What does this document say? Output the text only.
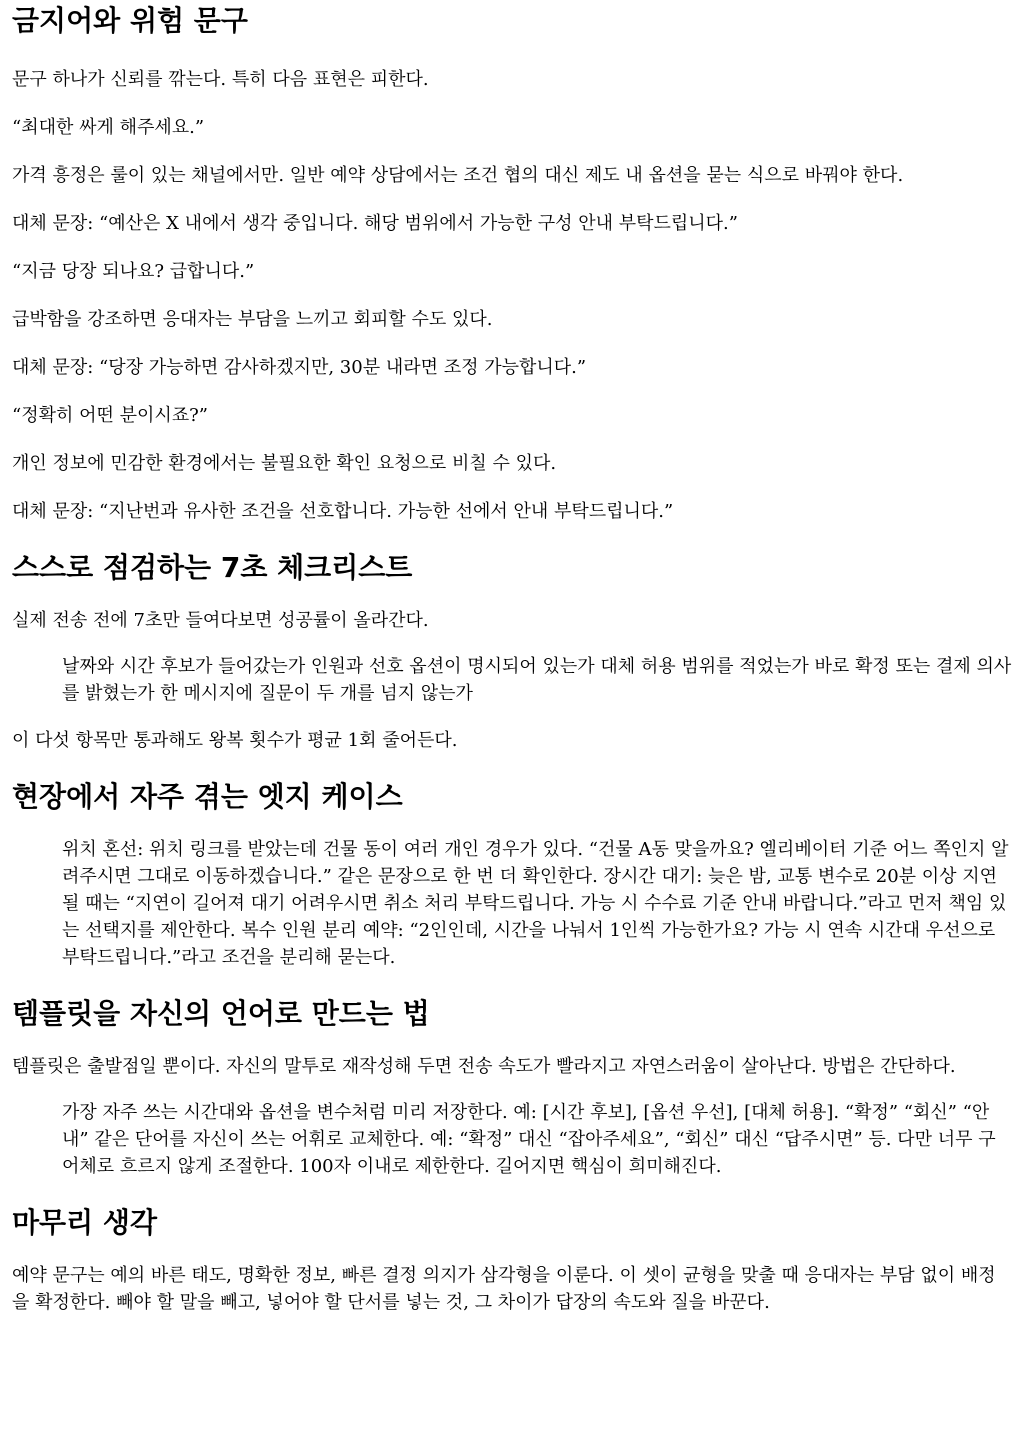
금지어와 위험 문구

문구 하나가 신뢰를 깎는다. 특히 다음 표현은 피한다.

“최대한 싸게 해주세요.”

가격 흥정은 룰이 있는 채널에서만. 일반 예약 상담에서는 조건 협의 대신 제도 내 옵션을 묻는 식으로 바꿔야 한다.

대체 문장: “예산은 X 내에서 생각 중입니다. 해당 범위에서 가능한 구성 안내 부탁드립니다.”

“지금 당장 되나요? 급합니다.”

급박함을 강조하면 응대자는 부담을 느끼고 회피할 수도 있다.

대체 문장: “당장 가능하면 감사하겠지만, 30분 내라면 조정 가능합니다.”

“정확히 어떤 분이시죠?”

개인 정보에 민감한 환경에서는 불필요한 확인 요청으로 비칠 수 있다.

대체 문장: “지난번과 유사한 조건을 선호합니다. 가능한 선에서 안내 부탁드립니다.”

스스로 점검하는 7초 체크리스트

실제 전송 전에 7초만 들여다보면 성공률이 올라간다.

날짜와 시간 후보가 들어갔는가 인원과 선호 옵션이 명시되어 있는가 대체 허용 범위를 적었는가 바로 확정 또는 결제 의사를 밝혔는가 한 메시지에 질문이 두 개를 넘지 않는가

이 다섯 항목만 통과해도 왕복 횟수가 평균 1회 줄어든다.

현장에서 자주 겪는 엣지 케이스
위치 혼선: 위치 링크를 받았는데 건물 동이 여러 개인 경우가 있다. “건물 A동 맞을까요? 엘리베이터 기준 어느 쪽인지 알려주시면 그대로 이동하겠습니다.” 같은 문장으로 한 번 더 확인한다. 장시간 대기: 늦은 밤, 교통 변수로 20분 이상 지연될 때는 “지연이 길어져 대기 어려우시면 취소 처리 부탁드립니다. 가능 시 수수료 기준 안내 바랍니다.”라고 먼저 책임 있는 선택지를 제안한다. 복수 인원 분리 예약: “2인인데, 시간을 나눠서 1인씩 가능한가요? 가능 시 연속 시간대 우선으로 부탁드립니다.”라고 조건을 분리해 묻는다.
템플릿을 자신의 언어로 만드는 법

템플릿은 출발점일 뿐이다. 자신의 말투로 재작성해 두면 전송 속도가 빨라지고 자연스러움이 살아난다. 방법은 간단하다.

가장 자주 쓰는 시간대와 옵션을 변수처럼 미리 저장한다. 예: [시간 후보], [옵션 우선], [대체 허용]. “확정” “회신” “안내” 같은 단어를 자신이 쓰는 어휘로 교체한다. 예: “확정” 대신 “잡아주세요”, “회신” 대신 “답주시면” 등. 다만 너무 구어체로 흐르지 않게 조절한다. 100자 이내로 제한한다. 길어지면 핵심이 희미해진다.
마무리 생각

예약 문구는 예의 바른 태도, 명확한 정보, 빠른 결정 의지가 삼각형을 이룬다. 이 셋이 균형을 맞출 때 응대자는 부담 없이 배정을 확정한다. 빼야 할 말을 빼고, 넣어야 할 단서를 넣는 것, 그 차이가 답장의 속도와 질을 바꾼다.
